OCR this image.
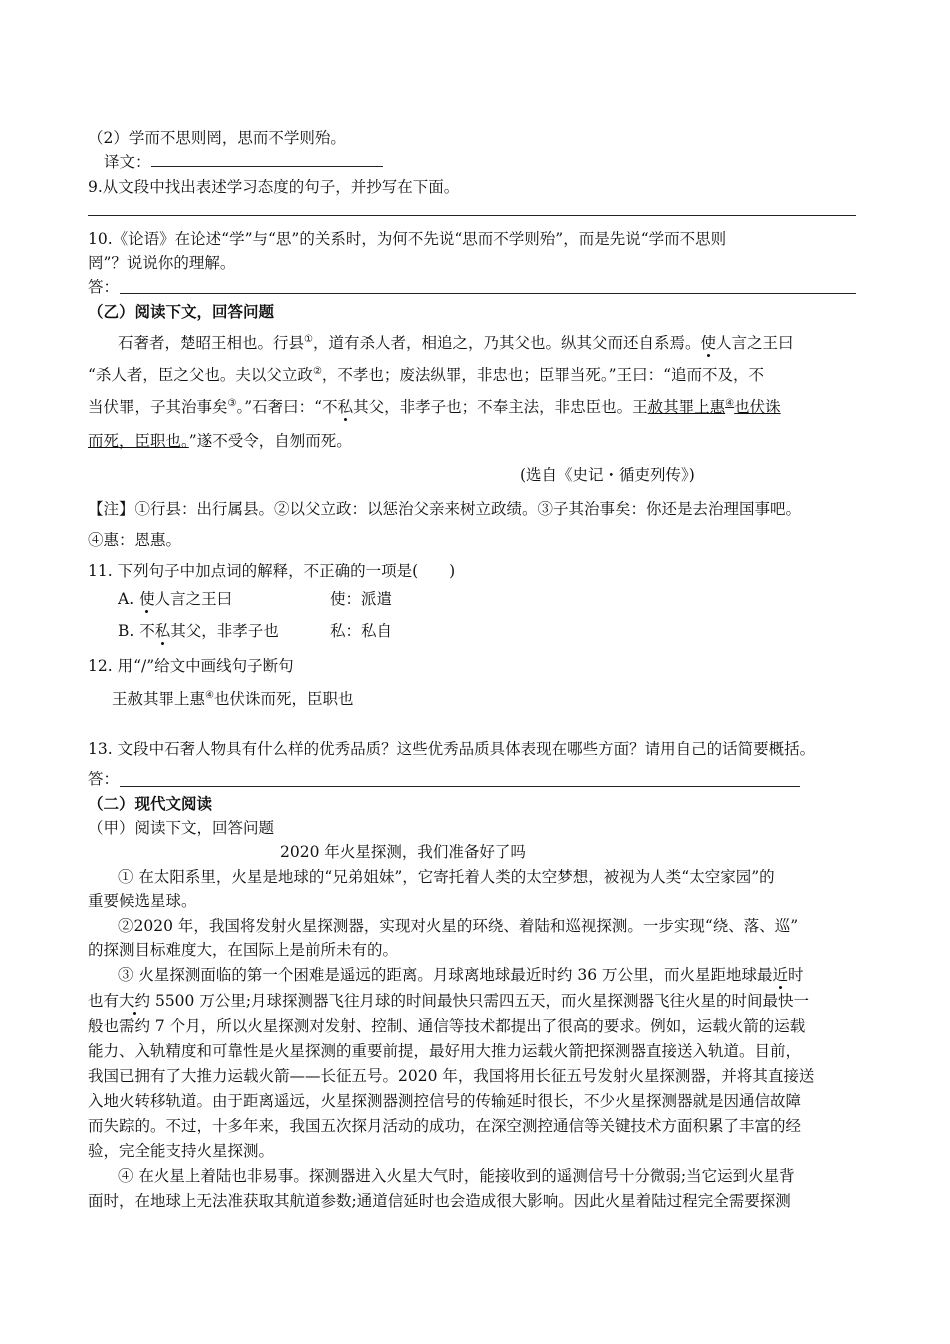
（2）学而不思则罔，思而不学则殆。
译文：
9.从文段中找出表述学习态度的句子，并抄写在下面。
10.《论语》在论述“学”与“思”的关系时，为何不先说“思而不学则殆”，而是先说“学而不思则
罔”？说说你的理解。
答：
（乙）阅读下文，回答问题
石奢者，楚昭王相也。行县①，道有杀人者，相追之，乃其父也。纵其父而还自系焉。使人言之王曰
“杀人者，臣之父也。夫以父立政②，不孝也；废法纵罪，非忠也；臣罪当死。”王曰：“追而不及，不
当伏罪，子其治事矣③。”石奢曰：“不私其父，非孝子也；不奉主法，非忠臣也。王赦其罪上惠④也伏诛
而死，臣职也。”遂不受令，自刎而死。
(选自《史记・循吏列传》)
【注】①行县：出行属县。②以父立政：以惩治父亲来树立政绩。③子其治事矣：你还是去治理国事吧。
④惠：恩惠。
11. 下列句子中加点词的解释，不正确的一项是(　　)
A. 使人言之王曰	使：派遣
B. 不私其父，非孝子也	私：私自
12. 用“/”给文中画线句子断句
王赦其罪上惠④也伏诛而死，臣职也
13. 文段中石奢人物具有什么样的优秀品质？这些优秀品质具体表现在哪些方面？请用自己的话简要概括。
答：
（二）现代文阅读
（甲）阅读下文，回答问题
2020 年火星探测，我们准备好了吗
① 在太阳系里，火星是地球的“兄弟姐妹”，它寄托着人类的太空梦想，被视为人类“太空家园”的
重要候选星球。
②2020 年，我国将发射火星探测器，实现对火星的环绕、着陆和巡视探测。一步实现“绕、落、巡”
的探测目标难度大，在国际上是前所未有的。
③ 火星探测面临的第一个困难是遥远的距离。月球离地球最近时约 36 万公里，而火星距地球最近时
也有大约 5500 万公里;月球探测器飞往月球的时间最快只需四五天，而火星探测器飞往火星的时间最快一
般也需约 7 个月，所以火星探测对发射、控制、通信等技术都提出了很高的要求。例如，运载火箭的运载
能力、入轨精度和可靠性是火星探测的重要前提，最好用大推力运载火箭把探测器直接送入轨道。目前，
我国已拥有了大推力运载火箭——长征五号。2020 年，我国将用长征五号发射火星探测器，并将其直接送
入地火转移轨道。由于距离遥远，火星探测器测控信号的传输延时很长，不少火星探测器就是因通信故障
而失踪的。不过，十多年来，我国五次探月活动的成功，在深空测控通信等关键技术方面积累了丰富的经
验，完全能支持火星探测。
④ 在火星上着陆也非易事。探测器进入火星大气时，能接收到的遥测信号十分微弱;当它运到火星背
面时，在地球上无法准获取其航道参数;通道信延时也会造成很大影响。因此火星着陆过程完全需要探测
